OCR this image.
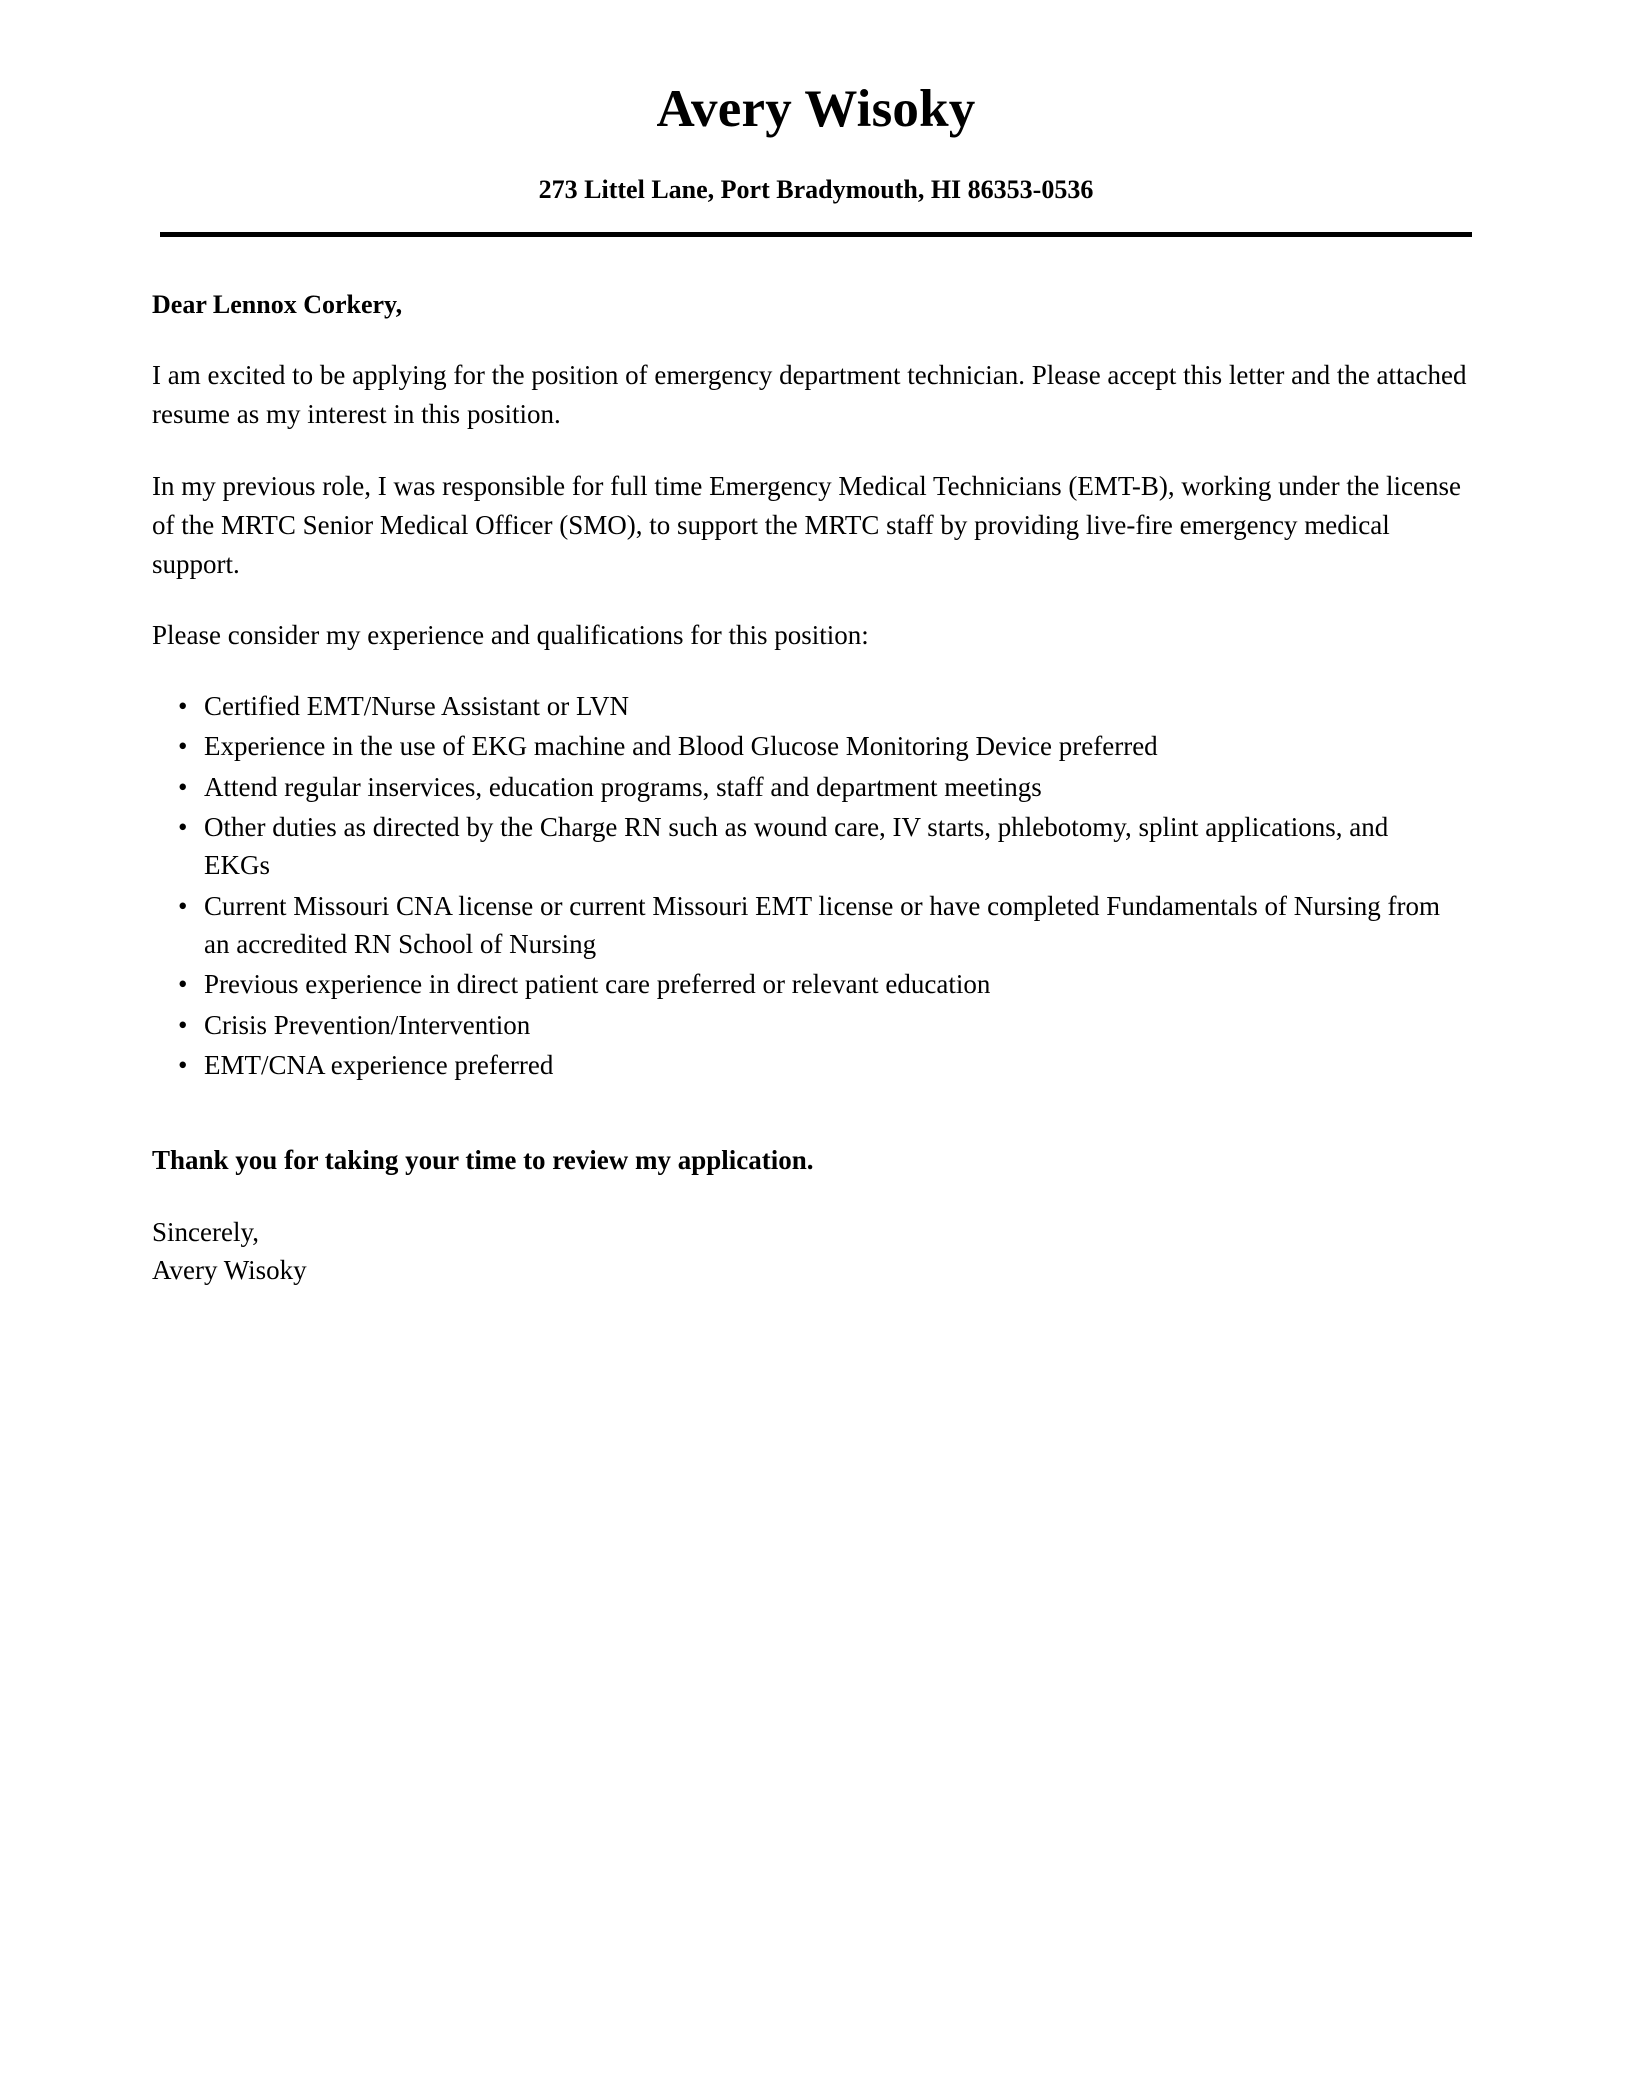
Avery Wisoky
273 Littel Lane, Port Bradymouth, HI 86353-0536

Dear Lennox Corkery,

I am excited to be applying for the position of emergency department technician. Please accept this letter and the attached resume as my interest in this position.

In my previous role, I was responsible for full time Emergency Medical Technicians (EMT-B), working under the license of the MRTC Senior Medical Officer (SMO), to support the MRTC staff by providing live-fire emergency medical support.

Please consider my experience and qualifications for this position:

• Certified EMT/Nurse Assistant or LVN
• Experience in the use of EKG machine and Blood Glucose Monitoring Device preferred
• Attend regular inservices, education programs, staff and department meetings
• Other duties as directed by the Charge RN such as wound care, IV starts, phlebotomy, splint applications, and EKGs
• Current Missouri CNA license or current Missouri EMT license or have completed Fundamentals of Nursing from an accredited RN School of Nursing
• Previous experience in direct patient care preferred or relevant education
• Crisis Prevention/Intervention
• EMT/CNA experience preferred

Thank you for taking your time to review my application.

Sincerely,

Avery Wisoky
